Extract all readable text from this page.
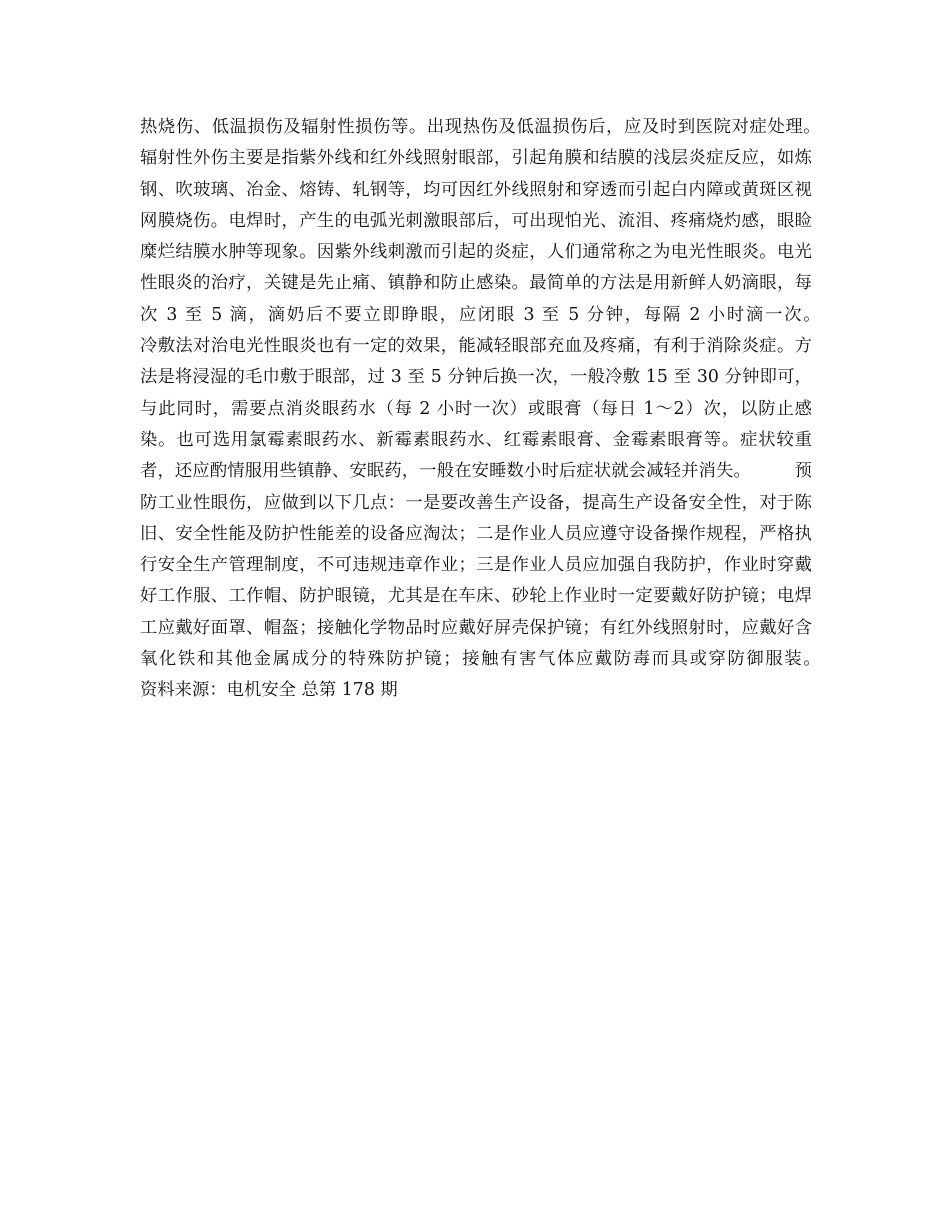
热烧伤、低温损伤及辐射性损伤等。出现热伤及低温损伤后，应及时到医院对症处理。　　　辐射性外伤主要是指紫外线和红外线照射眼部，引起角膜和结膜的浅层炎症反应，如炼钢、吹玻璃、冶金、熔铸、轧钢等，均可因红外线照射和穿透而引起白内障或黄斑区视网膜烧伤。电焊时，产生的电弧光刺激眼部后，可出现怕光、流泪、疼痛烧灼感，眼睑糜烂结膜水肿等现象。因紫外线刺激而引起的炎症，人们通常称之为电光性眼炎。电光性眼炎的治疗，关键是先止痛、镇静和防止感染。最简单的方法是用新鲜人奶滴眼，每次 3 至 5 滴，滴奶后不要立即睁眼，应闭眼 3 至 5 分钟，每隔 2 小时滴一次。　　　冷敷法对治电光性眼炎也有一定的效果，能减轻眼部充血及疼痛，有利于消除炎症。方法是将浸湿的毛巾敷于眼部，过 3 至 5 分钟后换一次，一般冷敷 15 至 30 分钟即可，与此同时，需要点消炎眼药水（每 2 小时一次）或眼膏（每日 1～2）次，以防止感染。也可选用氯霉素眼药水、新霉素眼药水、红霉素眼膏、金霉素眼膏等。症状较重者，还应酌情服用些镇静、安眠药，一般在安睡数小时后症状就会减轻并消失。　　　	预防工业性眼伤，应做到以下几点：一是要改善生产设备，提高生产设备安全性，对于陈旧、安全性能及防护性能差的设备应淘汰；二是作业人员应遵守设备操作规程，严格执行安全生产管理制度，不可违规违章作业；三是作业人员应加强自我防护，作业时穿戴好工作服、工作帽、防护眼镜，尤其是在车床、砂轮上作业时一定要戴好防护镜；电焊工应戴好面罩、帽盔；接触化学物品时应戴好屏壳保护镜；有红外线照射时，应戴好含氧化铁和其他金属成分的特殊防护镜；接触有害气体应戴防毒而具或穿防御服装。　　　资料来源：电机安全 总第 178 期
